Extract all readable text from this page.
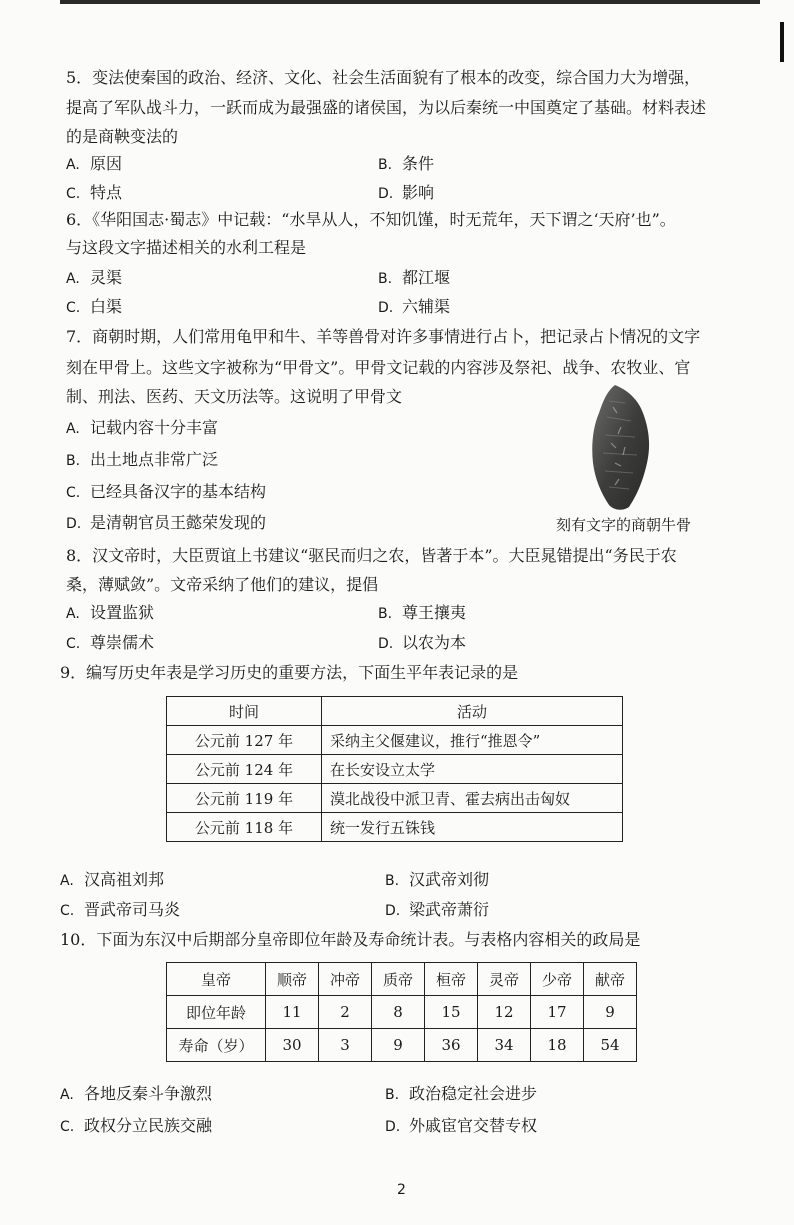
5．变法使秦国的政治、经济、文化、社会生活面貌有了根本的改变，综合国力大为增强，
提高了军队战斗力，一跃而成为最强盛的诸侯国，为以后秦统一中国奠定了基础。材料表述
的是商鞅变法的
A. 原因	B. 条件
C. 特点	D. 影响
6．《华阳国志·蜀志》中记载：“水旱从人，不知饥馑，时无荒年，天下谓之‘天府’也”。
与这段文字描述相关的水利工程是
A. 灵渠	B. 都江堰
C. 白渠	D. 六辅渠
7．商朝时期，人们常用龟甲和牛、羊等兽骨对许多事情进行占卜，把记录占卜情况的文字
刻在甲骨上。这些文字被称为“甲骨文”。甲骨文记载的内容涉及祭祀、战争、农牧业、官
制、刑法、医药、天文历法等。这说明了甲骨文
A. 记载内容十分丰富
B. 出土地点非常广泛
C. 已经具备汉字的基本结构
D. 是清朝官员王懿荣发现的	刻有文字的商朝牛骨
8．汉文帝时，大臣贾谊上书建议“驱民而归之农，皆著于本”。大臣晁错提出“务民于农
桑，薄赋敛”。文帝采纳了他们的建议，提倡
A. 设置监狱	B. 尊王攘夷
C. 尊崇儒术	D. 以农为本
9．编写历史年表是学习历史的重要方法，下面生平年表记录的是
时间	活动
公元前 127 年	采纳主父偃建议，推行“推恩令”
公元前 124 年	在长安设立太学
公元前 119 年	漠北战役中派卫青、霍去病出击匈奴
公元前 118 年	统一发行五铢钱
A. 汉高祖刘邦	B. 汉武帝刘彻
C. 晋武帝司马炎	D. 梁武帝萧衍
10．下面为东汉中后期部分皇帝即位年龄及寿命统计表。与表格内容相关的政局是
皇帝	顺帝	冲帝	质帝	桓帝	灵帝	少帝	献帝
即位年龄	11	2	8	15	12	17	9
寿命（岁）	30	3	9	36	34	18	54
A. 各地反秦斗争激烈	B. 政治稳定社会进步
C. 政权分立民族交融	D. 外戚宦官交替专权
2
